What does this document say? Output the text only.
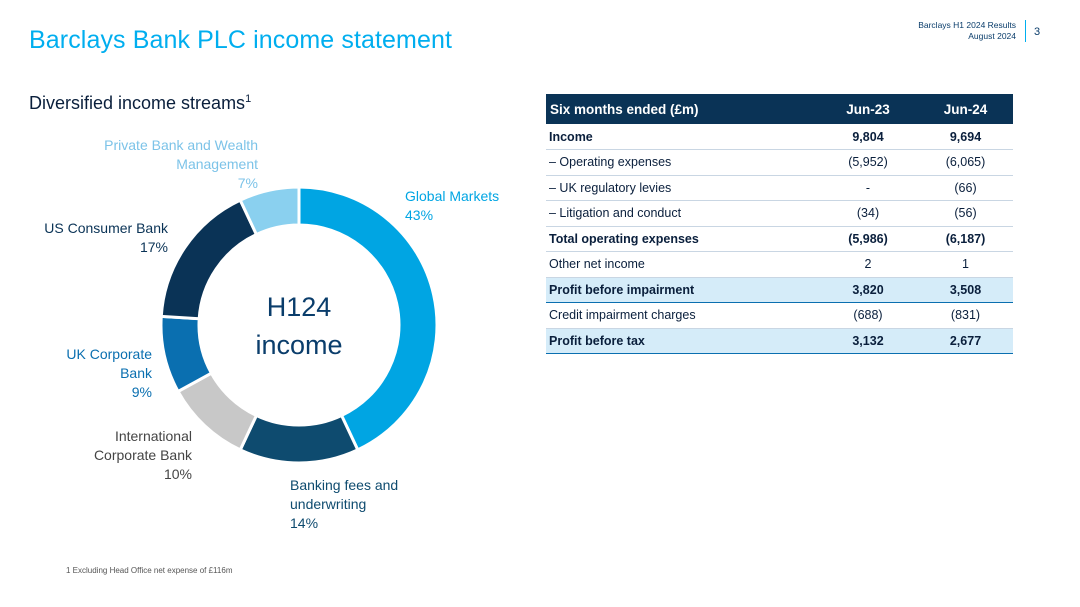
Barclays Bank PLC income statement
Barclays H1 2024 Results
August 2024 3
Diversified income streams$^1$
H124
income
Global Markets
43%
Banking fees and
underwriting
14%
International
Corporate Bank
10%
UK Corporate
Bank
9%
US Consumer Bank
17%
Private Bank and Wealth
Management
7%
Six months ended (£m)	Jun-23	Jun-24
Income	9,804	9,694
– Operating expenses	(5,952)	(6,065)
– UK regulatory levies	-	(66)
– Litigation and conduct	(34)	(56)
Total operating expenses	(5,986)	(6,187)
Other net income	2	1
Profit before impairment	3,820	3,508
Credit impairment charges	(688)	(831)
Profit before tax	3,132	2,677
1 Excluding Head Office net expense of £116m
